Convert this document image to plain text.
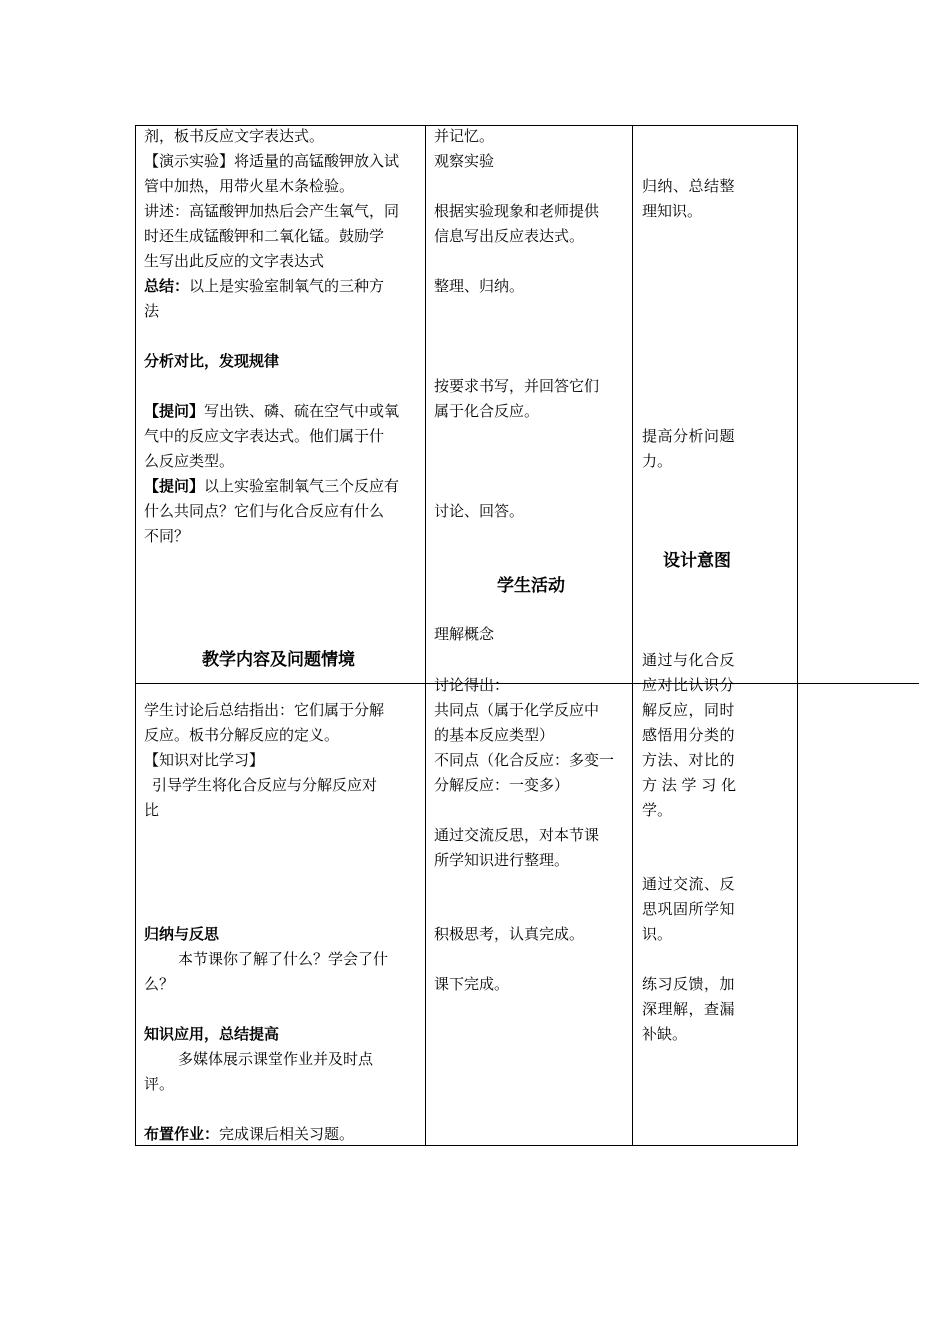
剂，板书反应文字表达式。
【演示实验】将适量的高锰酸钾放入试
管中加热，用带火星木条检验。
讲述：高锰酸钾加热后会产生氧气，同
时还生成锰酸钾和二氧化锰。鼓励学
生写出此反应的文字表达式
总结：以上是实验室制氧气的三种方
法
分析对比，发现规律
【提问】写出铁、磷、硫在空气中或氧
气中的反应文字表达式。他们属于什
么反应类型。
【提问】以上实验室制氧气三个反应有
什么共同点？它们与化合反应有什么
不同？
教学内容及问题情境
学生讨论后总结指出：它们属于分解
反应。板书分解反应的定义。
【知识对比学习】
引导学生将化合反应与分解反应对
比
归纳与反思
本节课你了解了什么？学会了什
么？
知识应用，总结提高
多媒体展示课堂作业并及时点
评。
布置作业：完成课后相关习题。
并记忆。
观察实验
根据实验现象和老师提供
信息写出反应表达式。
整理、归纳。
按要求书写，并回答它们
属于化合反应。
讨论、回答。
学生活动
理解概念
讨论得出：
共同点（属于化学反应中
的基本反应类型）
不同点（化合反应：多变一
分解反应：一变多）
通过交流反思，对本节课
所学知识进行整理。
积极思考，认真完成。
课下完成。
归纳、总结整
理知识。
提高分析问题
力。
设计意图
通过与化合反
应对比认识分
解反应，同时
感悟用分类的
方法、对比的
方 法 学 习 化
学。
通过交流、反
思巩固所学知
识。
练习反馈，加
深理解，查漏
补缺。
